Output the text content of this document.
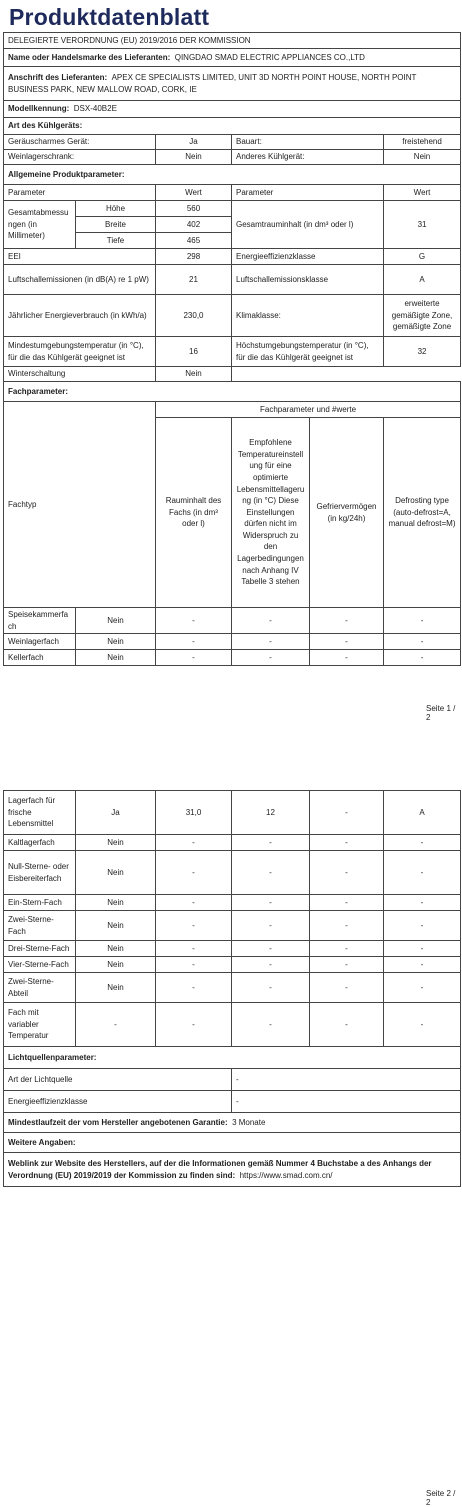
Produktdatenblatt
DELEGIERTE VERORDNUNG (EU) 2019/2016 DER KOMMISSION					
Name oder Handelsmarke des Lieferanten: QINGDAO SMAD ELECTRIC APPLIANCES CO.,LTD					
Anschrift des Lieferanten: APEX CE SPECIALISTS LIMITED, UNIT 3D NORTH POINT HOUSE, NORTH POINT BUSINESS PARK, NEW MALLOW ROAD, CORK, IE					
Modellkennung: DSX-40B2E					
Art des Kühlgeräts:					
Geräuscharmes Gerät:		Ja	Bauart:		freistehend
Weinlagerschrank:		Nein	Anderes Kühlgerät:		Nein
Allgemeine Produktparameter:					
Parameter		Wert	Parameter		Wert
Gesamtabmessungen (in Millimeter)	Höhe	560	Gesamtrauminhalt (in dm³ oder l)		31
	Breite	402			
	Tiefe	465			
EEI		298	Energieeffizienzklasse		G
Luftschallemissionen (in dB(A) re 1 pW)		21	Luftschallemissionsklasse		A
Jährlicher Energieverbrauch (in kWh/a)		230,0	Klimaklasse:		erweiterte gemäßigte Zone, gemäßigte Zone
Mindestumgebungstemperatur (in °C), für die das Kühlgerät geeignet ist		16	Höchstumgebungstemperatur (in °C), für die das Kühlgerät geeignet ist		32
Winterschaltung		Nein			
Fachparameter:					
Fachtyp		Fachparameter und #werte			
		Rauminhalt des Fachs (in dm³ oder l)	Empfohlene Temperatureinstellung für eine optimierte Lebensmittellagerung (in °C) Diese Einstellungen dürfen nicht im Widerspruch zu den Lagerbedingungen nach Anhang IV Tabelle 3 stehen	Gefriervermögen (in kg/24h)	Defrosting type (auto-defrost=A, manual defrost=M)
Speisekammerfach	Nein	-	-	-	-
Weinlagerfach	Nein	-	-	-	-
Kellerfach	Nein	-	-	-	-
Seite 1 / 2
Lagerfach für frische Lebensmittel	Ja	31,0	12	-	A
Kaltlagerfach	Nein	-	-	-	-
Null-Sterne- oder Eisbereiterfach	Nein	-	-	-	-
Ein-Stern-Fach	Nein	-	-	-	-
Zwei-Sterne-Fach	Nein	-	-	-	-
Drei-Sterne-Fach	Nein	-	-	-	-
Vier-Sterne-Fach	Nein	-	-	-	-
Zwei-Sterne-Abteil	Nein	-	-	-	-
Fach mit variabler Temperatur	-	-	-	-	-
Lichtquellenparameter:					
Art der Lichtquelle			-		
Energieeffizienzklasse			-		
Mindestlaufzeit der vom Hersteller angebotenen Garantie: 3 Monate					
Weitere Angaben:					
Weblink zur Website des Herstellers, auf der die Informationen gemäß Nummer 4 Buchstabe a des Anhangs der Verordnung (EU) 2019/2019 der Kommission zu finden sind: https://www.smad.com.cn/					
Seite 2 / 2
